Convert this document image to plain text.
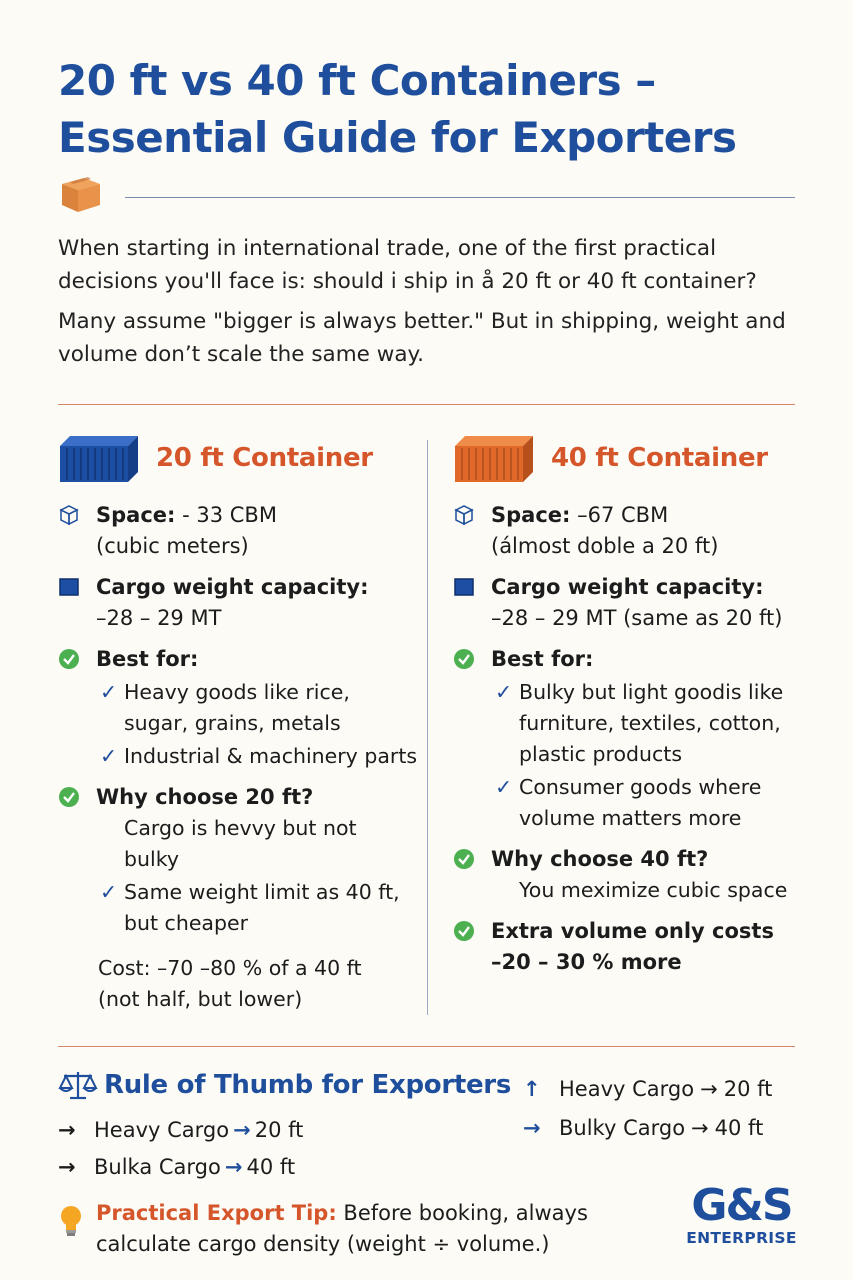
20 ft vs 40 ft Containers – Essential Guide for Exporters

When starting in international trade, one of the first practical decisions you'll face is: should i ship in å 20 ft or 40 ft container?

Many assume "bigger is always better." But in shipping, weight and volume don’t scale the same way.

20 ft Container
Space: - 33 CBM
(cubic meters)
Cargo weight capacity:
–28 – 29 MT
Best for:
✓ Heavy goods like rice, sugar, grains, metals
✓ Industrial & machinery parts
Why choose 20 ft?
Cargo is hevvy but not bulky
✓ Same weight limit as 40 ft, but cheaper
Cost: –70 –80 % of a 40 ft
(not half, but lower)
40 ft Container
Space: –67 CBM
(álmost doble a 20 ft)
Cargo weight capacity:
–28 – 29 MT (same as 20 ft)
Best for:
✓ Bulky but light goodis like furniture, textiles, cotton, plastic products
✓ Consumer goods where volume matters more
Why choose 40 ft?
You meximize cubic space
Extra volume only costs
–20 – 30 % more
Rule of Thumb for Exporters
→ Heavy Cargo → 20 ft
→ Bulka Cargo → 40 ft
↑ Heavy Cargo → 20 ft
→ Bulky Cargo → 40 ft
Practical Export Tip: Before booking, always calculate cargo density (weight ÷ volume.)
G&S
ENTERPRISE
